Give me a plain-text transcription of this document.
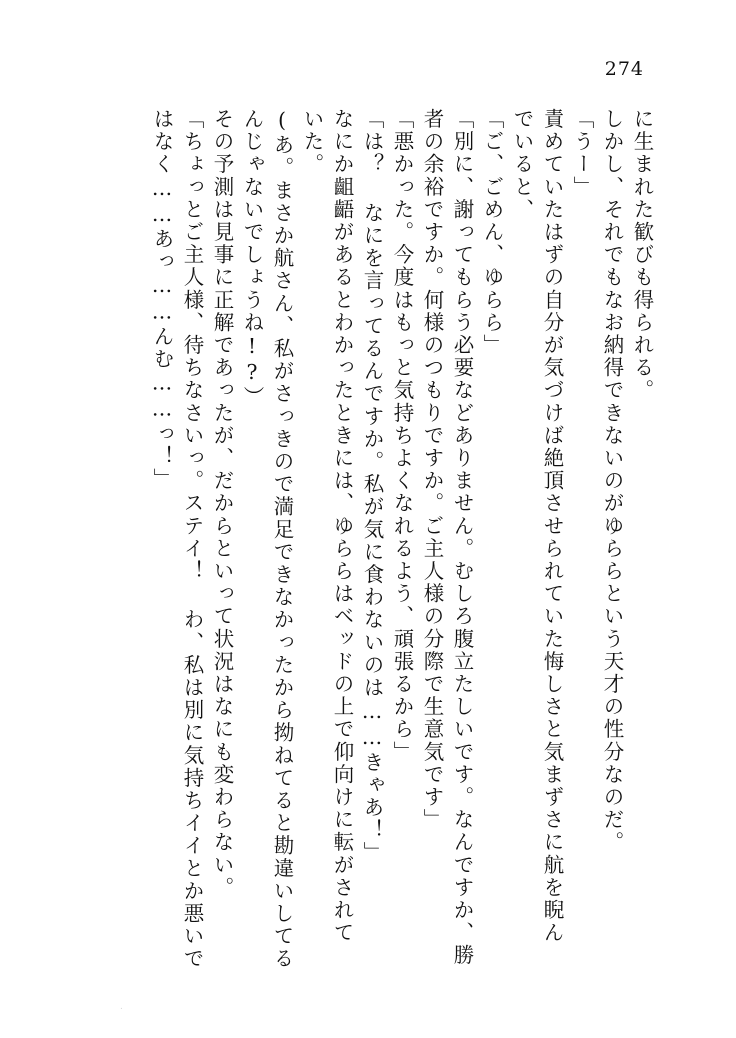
274
に生まれた歓びも得られる。
しかし、それでもなお納得できないのがゆららという天才の性分なのだ。
「うー」
責めていたはずの自分が気づけば絶頂させられていた悔しさと気まずさに航を睨ん
でいると、
「ご、ごめん、ゆらら」
「別に、謝ってもらう必要などありません。むしろ腹立たしいです。なんですか、勝
者の余裕ですか。何様のつもりですか。ご主人様の分際で生意気です」
「悪かった。今度はもっと気持ちよくなれるよう、頑張るから」
「は？ なにを言ってるんですか。私が気に食わないのは……きゃあ！」
なにか齟齬があるとわかったときには、ゆららはベッドの上で仰向けに転がされて
いた。
(あ。まさか航さん、私がさっきので満足できなかったから拗ねてると勘違いしてる
んじゃないでしょうね!?）
その予測は見事に正解であったが、だからといって状況はなにも変わらない。
「ちょっとご主人様、待ちなさいっ。ステイ！ わ、私は別に気持ちイイとか悪いで
はなく……あっ……んむ……っ！」
.
